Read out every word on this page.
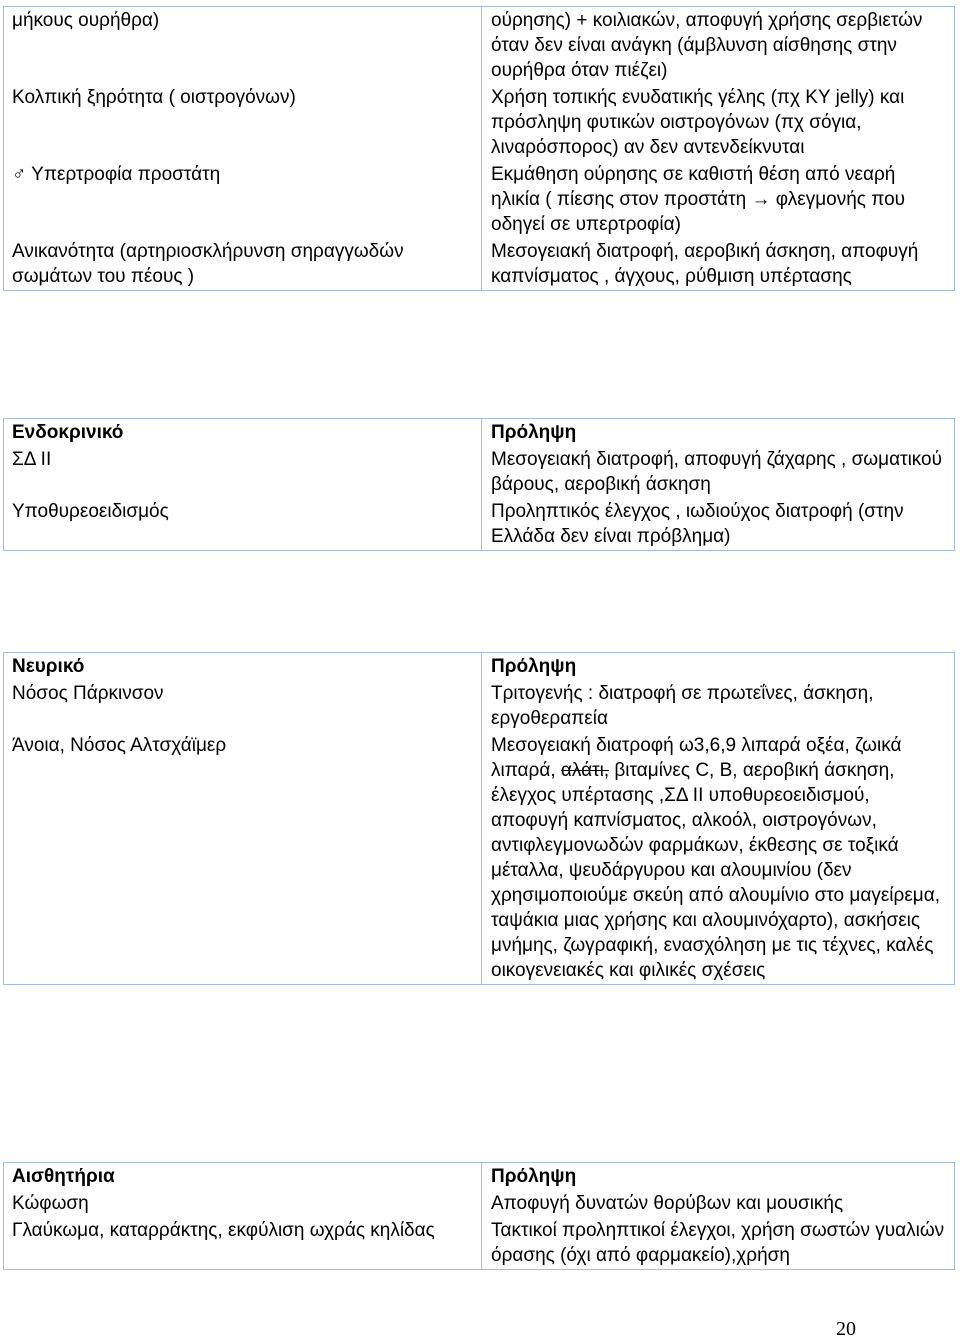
μήκους ουρήθρα)	ούρησης) + κοιλιακών, αποφυγή χρήσης σερβιετών όταν δεν είναι ανάγκη (άμβλυνση αίσθησης στην ουρήθρα όταν πιέζει)
Κολπική ξηρότητα ( οιστρογόνων)	Χρήση τοπικής ενυδατικής γέλης (πχ KY jelly) και πρόσληψη φυτικών οιστρογόνων (πχ σόγια, λιναρόσπορος) αν δεν αντενδείκνυται
♂ Υπερτροφία προστάτη	Εκμάθηση ούρησης σε καθιστή θέση από νεαρή ηλικία ( πίεσης στον προστάτη → φλεγμονής που οδηγεί σε υπερτροφία)
Ανικανότητα (αρτηριοσκλήρυνση σηραγγωδών σωμάτων του πέους )	Μεσογειακή διατροφή, αεροβική άσκηση, αποφυγή καπνίσματος , άγχους, ρύθμιση υπέρτασης
Ενδοκρινικό	Πρόληψη
ΣΔ ΙΙ	Μεσογειακή διατροφή, αποφυγή ζάχαρης , σωματικού βάρους, αεροβική άσκηση
Υποθυρεοειδισμός	Προληπτικός έλεγχος , ιωδιούχος διατροφή (στην Ελλάδα δεν είναι πρόβλημα)
Νευρικό	Πρόληψη
Νόσος Πάρκινσον	Τριτογενής : διατροφή σε πρωτεΐνες, άσκηση, εργοθεραπεία
Άνοια, Νόσος Αλτσχάϊμερ	Μεσογειακή διατροφή ω3,6,9 λιπαρά οξέα, ζωικά λιπαρά, αλάτι, βιταμίνες C, B, αεροβική άσκηση, έλεγχος υπέρτασης ,ΣΔ ΙΙ υποθυρεοειδισμού, αποφυγή καπνίσματος, αλκοόλ, οιστρογόνων, αντιφλεγμονωδών φαρμάκων, έκθεσης σε τοξικά μέταλλα, ψευδάργυρου και αλουμινίου (δεν χρησιμοποιούμε σκεύη από αλουμίνιο στο μαγείρεμα, ταψάκια μιας χρήσης και αλουμινόχαρτο), ασκήσεις μνήμης, ζωγραφική, ενασχόληση με τις τέχνες, καλές οικογενειακές και φιλικές σχέσεις
Αισθητήρια	Πρόληψη
Κώφωση	Αποφυγή δυνατών θορύβων και μουσικής
Γλαύκωμα, καταρράκτης, εκφύλιση ωχράς κηλίδας	Τακτικοί προληπτικοί έλεγχοι, χρήση σωστών γυαλιών όρασης (όχι από φαρμακείο),χρήση
20
